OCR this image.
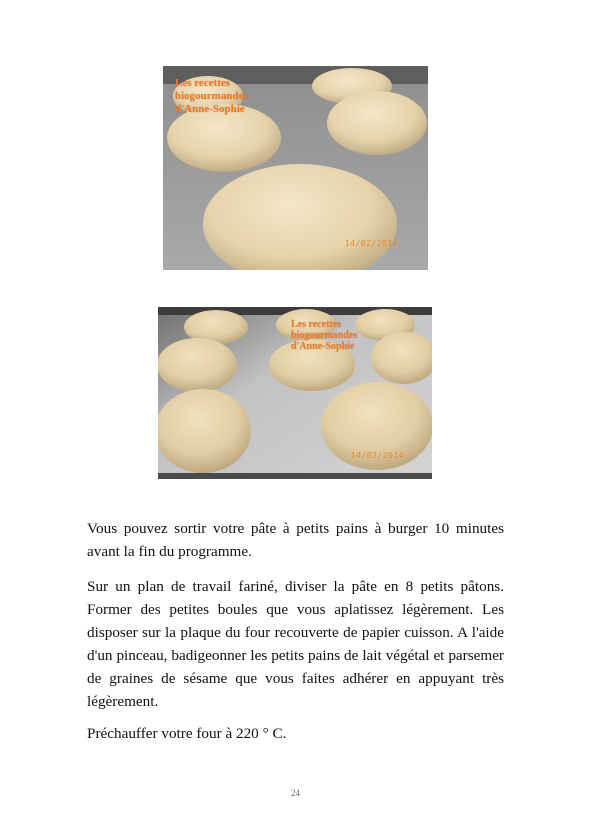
Les recettes
biogourmandes
d'Anne-Sophie
14/02/2014
Les recettes
biogourmandes
d'Anne-Sophie
14/02/2014

Vous pouvez sortir votre pâte à petits pains à burger 10 minutes avant la fin du programme.

Sur un plan de travail fariné, diviser la pâte en 8 petits pâtons. Former des petites boules que vous aplatissez légèrement. Les disposer sur la plaque du four recouverte de papier cuisson. A l'aide d'un pinceau, badigeonner les petits pains de lait végétal et parsemer de graines de sésame que vous faites adhérer en appuyant très légèrement.

Préchauffer votre four à 220 ° C.

24
